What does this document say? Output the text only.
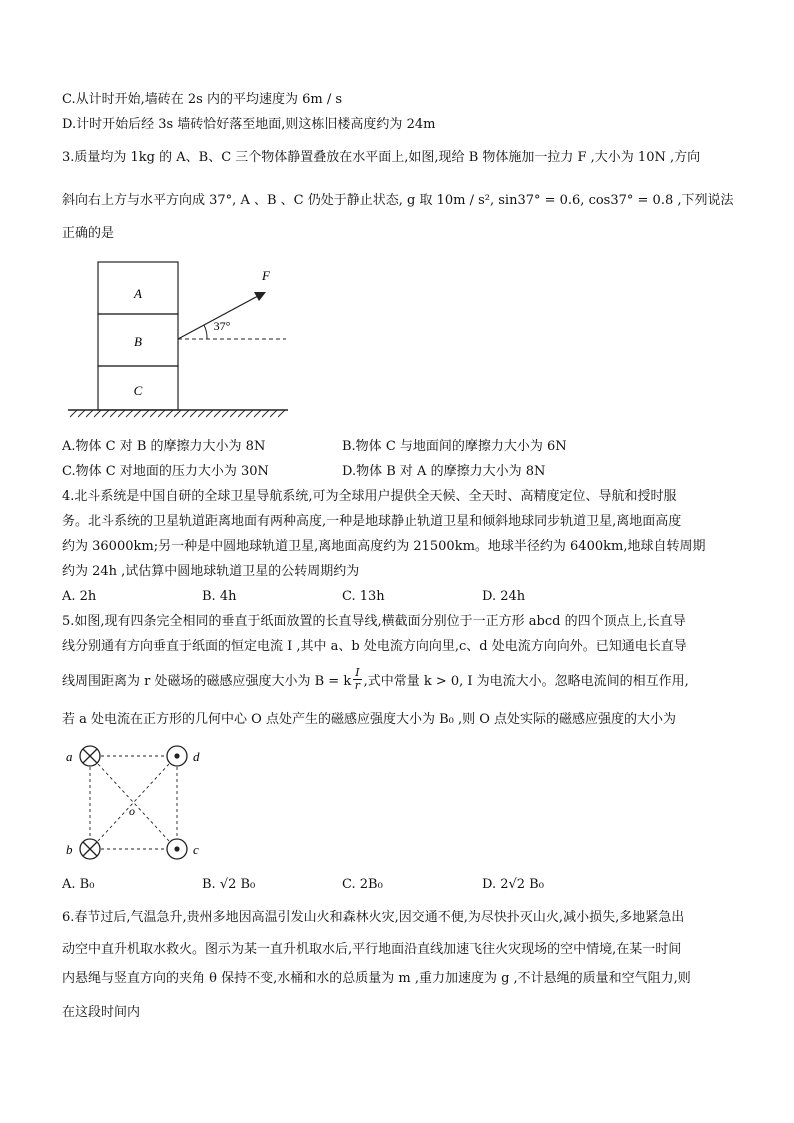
C.从计时开始,墙砖在 2s 内的平均速度为 6m / s
D.计时开始后经 3s 墙砖恰好落至地面,则这栋旧楼高度约为 24m
3.质量均为 1kg 的 A、B、C 三个物体静置叠放在水平面上,如图,现给 B 物体施加一拉力 F ,大小为 10N ,方向
斜向右上方与水平方向成 37°, A 、B 、C 仍处于静止状态, g 取 10m / s², sin37° = 0.6, cos37° = 0.8 ,下列说法
正确的是
A
B
C
37°
F
A.物体 C 对 B 的摩擦力大小为 8N	B.物体 C 与地面间的摩擦力大小为 6N
C.物体 C 对地面的压力大小为 30N	D.物体 B 对 A 的摩擦力大小为 8N
4.北斗系统是中国自研的全球卫星导航系统,可为全球用户提供全天候、全天时、高精度定位、导航和授时服
务。北斗系统的卫星轨道距离地面有两种高度,一种是地球静止轨道卫星和倾斜地球同步轨道卫星,离地面高度
约为 36000km;另一种是中圆地球轨道卫星,离地面高度约为 21500km。地球半径约为 6400km,地球自转周期
约为 24h ,试估算中圆地球轨道卫星的公转周期约为
A. 2h	B. 4h	C. 13h	D. 24h
5.如图,现有四条完全相同的垂直于纸面放置的长直导线,横截面分别位于一正方形 abcd 的四个顶点上,长直导
线分别通有方向垂直于纸面的恒定电流 I ,其中 a、b 处电流方向向里,c、d 处电流方向向外。已知通电长直导
线周围距离为 r 处磁场的磁感应强度大小为 B = k $\frac{I}{r}$ ,式中常量 k > 0, I 为电流大小。忽略电流间的相互作用,
若 a 处电流在正方形的几何中心 O 点处产生的磁感应强度大小为 B₀ ,则 O 点处实际的磁感应强度的大小为
a
b
d
c
o
A. B₀	B. √2 B₀	C. 2B₀	D. 2√2 B₀
6.春节过后,气温急升,贵州多地因高温引发山火和森林火灾,因交通不便,为尽快扑灭山火,减小损失,多地紧急出
动空中直升机取水救火。图示为某一直升机取水后,平行地面沿直线加速飞往火灾现场的空中情境,在某一时间
内悬绳与竖直方向的夹角 θ 保持不变,水桶和水的总质量为 m ,重力加速度为 g ,不计悬绳的质量和空气阻力,则
在这段时间内
